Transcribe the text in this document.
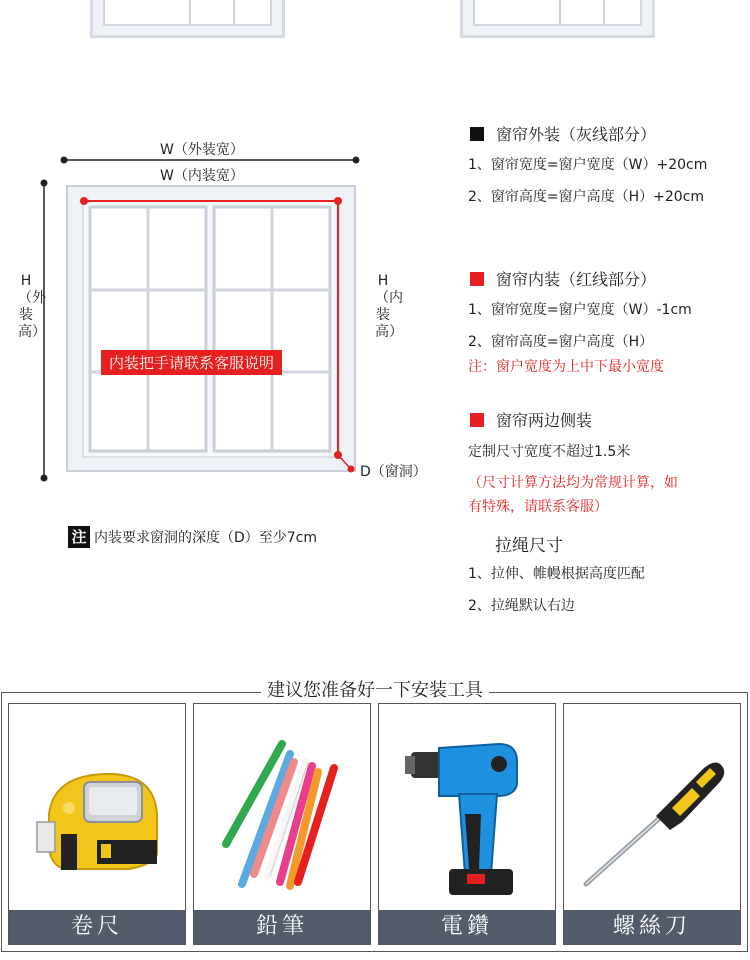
W（外装宽）
W（内装宽）
H（外装高）
H（内装高）
D（窗洞）
内装把手请联系客服说明
注 内装要求窗洞的深度（D）至少7cm
窗帘外装（灰线部分）
1、窗帘宽度=窗户宽度（W）+20cm
2、窗帘高度=窗户高度（H）+20cm
窗帘内装（红线部分）
1、窗帘宽度=窗户宽度（W）-1cm
2、窗帘高度=窗户高度（H）
注：窗户宽度为上中下最小宽度
窗帘两边侧装
定制尺寸宽度不超过1.5米
（尺寸计算方法均为常规计算，如
有特殊，请联系客服）
拉绳尺寸
1、拉伸、帷幔根据高度匹配
2、拉绳默认右边
建议您准备好一下安装工具
卷尺	鉛筆	電鑽	螺絲刀
